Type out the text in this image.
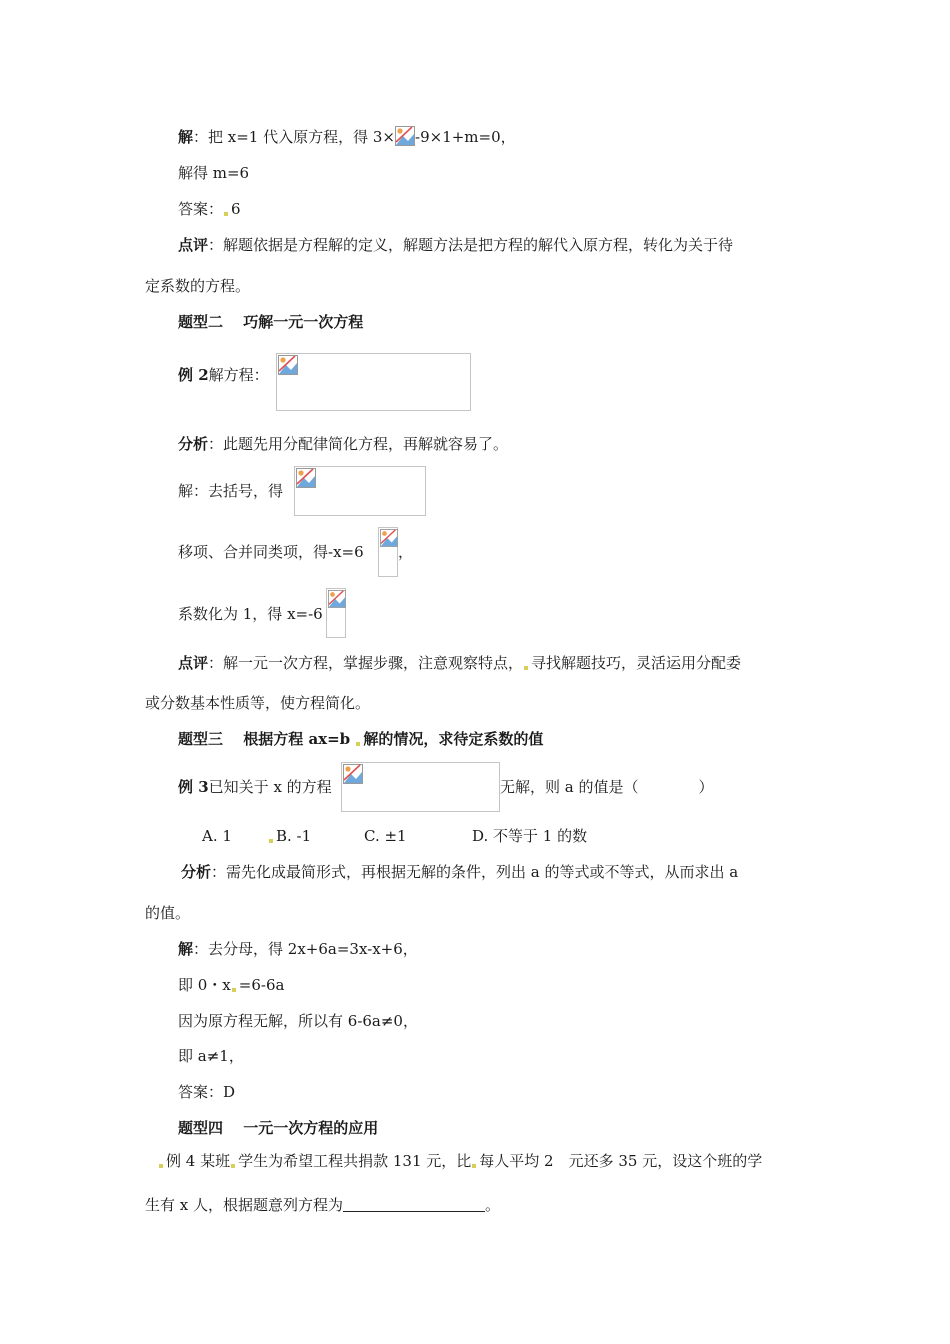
解：把 x=1 代入原方程，得 3× -9×1+m=0，
解得 m=6
答案： 6
点评：解题依据是方程解的定义，解题方法是把方程的解代入原方程，转化为关于待
定系数的方程。
题型二　 巧解一元一次方程
例 2解方程：
分析：此题先用分配律简化方程，再解就容易了。
解：去括号，得
移项、合并同类项，得-x=6 ，
系数化为 1，得 x=-6
点评：解一元一次方程，掌握步骤，注意观察特点， 寻找解题技巧，灵活运用分配委
或分数基本性质等，使方程简化。
题型三　 根据方程 ax=b 解的情况，求待定系数的值
例 3已知关于 x 的方程	无解，则 a 的值是（　　　　）
A. 1	B. -1	C. ±1	D. 不等于 1 的数
分析：需先化成最简形式，再根据无解的条件，列出 a 的等式或不等式，从而求出 a
的值。
解：去分母，得 2x+6a=3x-x+6，
即 0・x =6-6a
因为原方程无解，所以有 6-6a≠0，
即 a≠1，
答案：D
题型四　 一元一次方程的应用
例 4 某班 学生为希望工程共捐款 131 元，比 每人平均 2　元还多 35 元，设这个班的学
生有 x 人，根据题意列方程为	。
